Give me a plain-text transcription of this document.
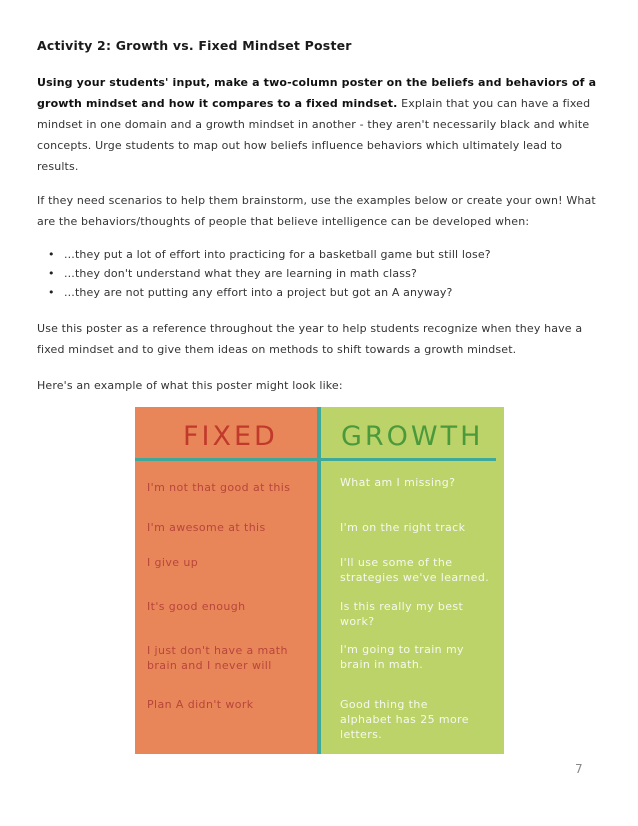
Activity 2: Growth vs. Fixed Mindset Poster
Using your students' input, make a two-column poster on the beliefs and behaviors of a growth mindset and how it compares to a fixed mindset. Explain that you can have a fixed mindset in one domain and a growth mindset in another - they aren't necessarily black and white concepts. Urge students to map out how beliefs influence behaviors which ultimately lead to results.
If they need scenarios to help them brainstorm, use the examples below or create your own! What are the behaviors/thoughts of people that believe intelligence can be developed when:
• ...they put a lot of effort into practicing for a basketball game but still lose?
• ...they don't understand what they are learning in math class?
• ...they are not putting any effort into a project but got an A anyway?
Use this poster as a reference throughout the year to help students recognize when they have a fixed mindset and to give them ideas on methods to shift towards a growth mindset.
Here's an example of what this poster might look like:
FIXED GROWTH
I'm not that good at this
I'm awesome at this
I give up
It's good enough
I just don't have a math brain and I never will
Plan A didn't work
What am I missing?
I'm on the right track
I'll use some of the strategies we've learned.
Is this really my best work?
I'm going to train my brain in math.
Good thing the alphabet has 25 more letters.
7
